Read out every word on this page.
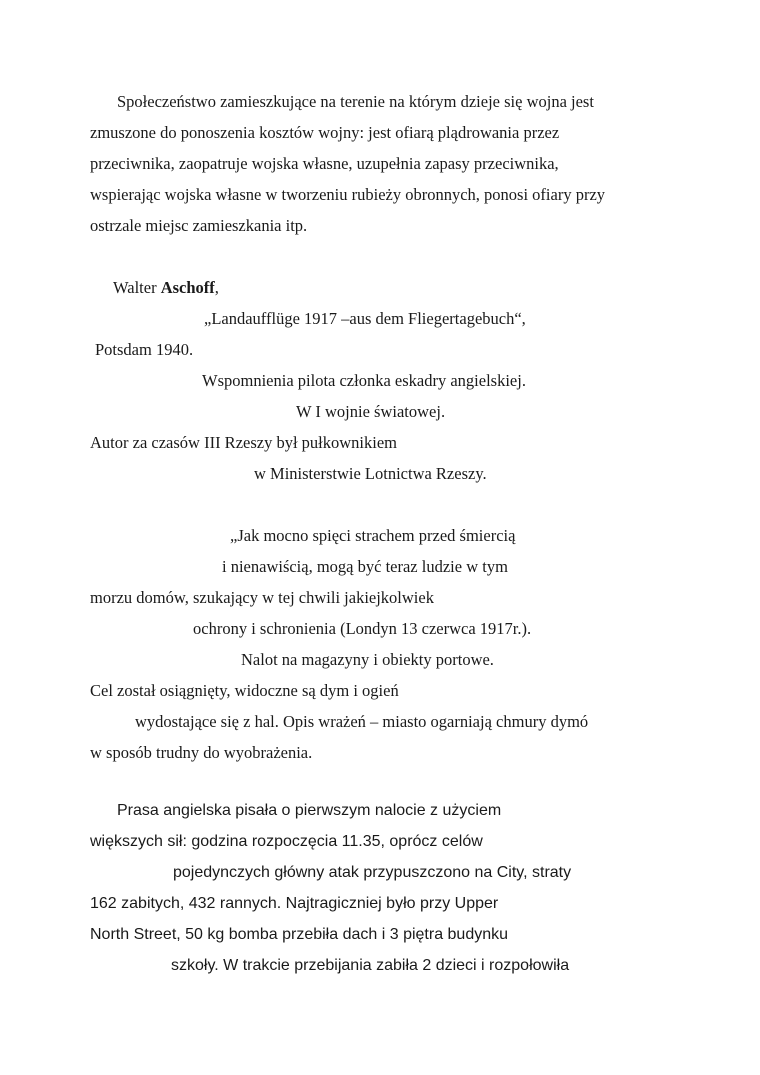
Społeczeństwo zamieszkujące na terenie na którym dzieje się wojna jest
zmuszone do ponoszenia kosztów wojny: jest ofiarą plądrowania przez
przeciwnika, zaopatruje wojska własne, uzupełnia zapasy przeciwnika,
wspierając wojska własne w tworzeniu rubieży obronnych, ponosi ofiary przy
ostrzale miejsc zamieszkania itp.
Walter Aschoff,
„Landaufflüge 1917 –aus dem Fliegertagebuch“,
Potsdam 1940.
Wspomnienia pilota członka eskadry angielskiej.
W I wojnie światowej.
Autor za czasów III Rzeszy był pułkownikiem
w Ministerstwie Lotnictwa Rzeszy.
„Jak mocno spięci strachem przed śmiercią
i nienawiścią, mogą być teraz ludzie w tym
morzu domów, szukający w tej chwili jakiejkolwiek
ochrony i schronienia (Londyn 13 czerwca 1917r.).
Nalot na magazyny i obiekty portowe.
Cel został osiągnięty, widoczne są dym i ogień
wydostające się z hal. Opis wrażeń – miasto ogarniają chmury dymó
w sposób trudny do wyobrażenia.
Prasa angielska pisała o pierwszym nalocie z użyciem
większych sił: godzina rozpoczęcia 11.35, oprócz celów
pojedynczych główny atak przypuszczono na City, straty
162 zabitych, 432 rannych. Najtragiczniej było przy Upper
North Street, 50 kg bomba przebiła dach i 3 piętra budynku
szkoły. W trakcie przebijania zabiła 2 dzieci i rozpołowiła
